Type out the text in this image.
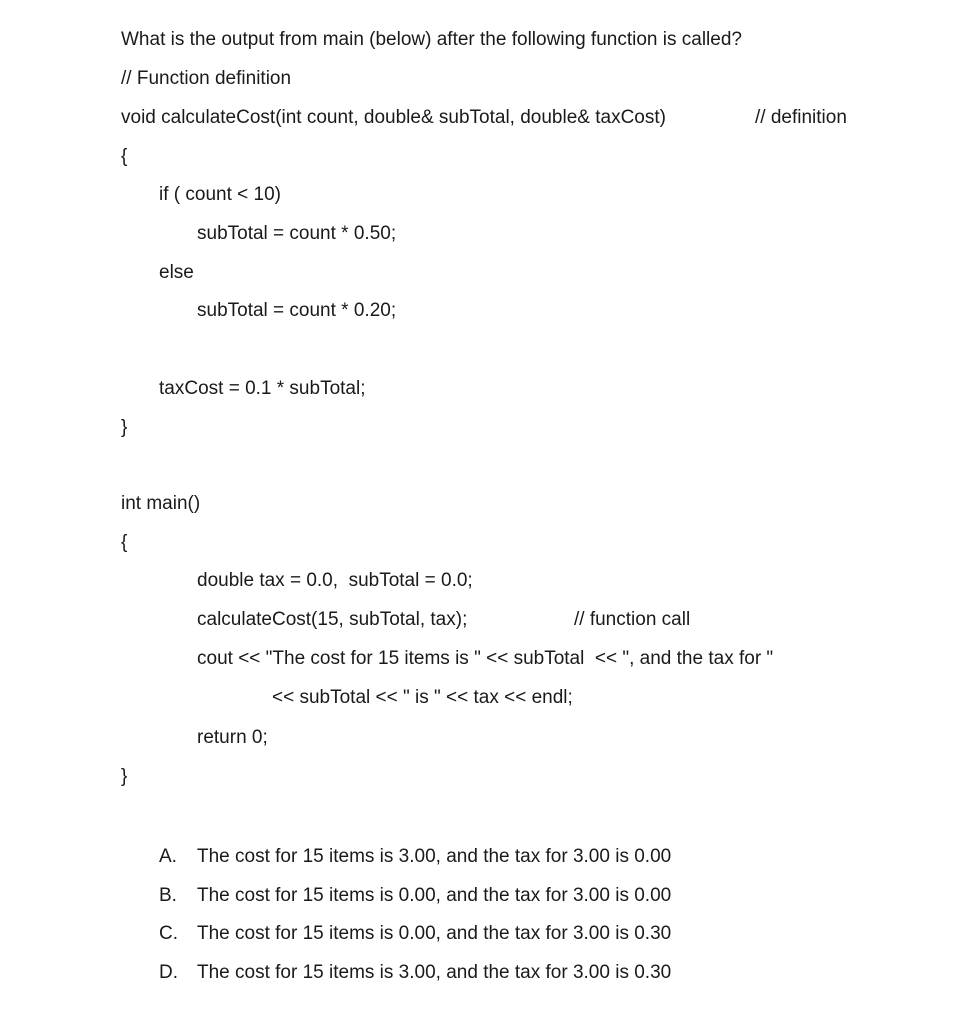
What is the output from main (below) after the following function is called?
// Function definition
void calculateCost(int count, double& subTotal, double& taxCost)	// definition
{
if ( count < 10)
subTotal = count * 0.50;
else
subTotal = count * 0.20;
taxCost = 0.1 * subTotal;
}
int main()
{
double tax = 0.0,  subTotal = 0.0;
calculateCost(15, subTotal, tax);	// function call
cout << "The cost for 15 items is " << subTotal  << ", and the tax for "
<< subTotal << " is " << tax << endl;
return 0;
}
A. The cost for 15 items is 3.00, and the tax for 3.00 is 0.00
B. The cost for 15 items is 0.00, and the tax for 3.00 is 0.00
C. The cost for 15 items is 0.00, and the tax for 3.00 is 0.30
D. The cost for 15 items is 3.00, and the tax for 3.00 is 0.30
